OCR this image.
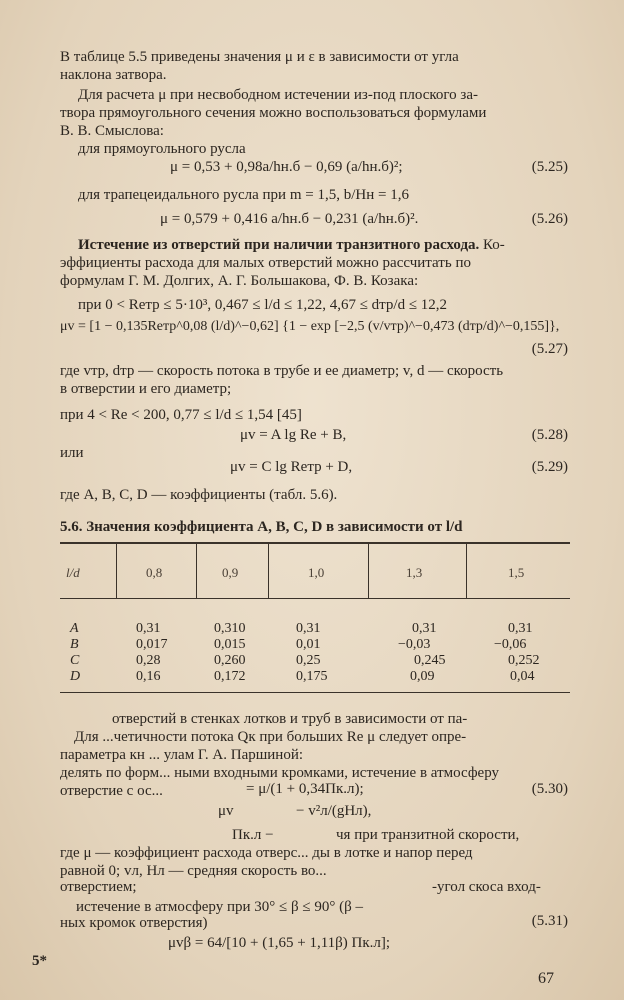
В таблице 5.5 приведены значения μ и ε в зависимости от угла
наклона затвора.
Для расчета μ при несвободном истечении из-под плоского за-
твора прямоугольного сечения можно воспользоваться формулами
В. В. Смыслова:
для прямоугольного русла
μ = 0,53 + 0,98a/hн.б − 0,69 (a/hн.б)²;	(5.25)
для трапецеидального русла при m = 1,5, b/Hн = 1,6
μ = 0,579 + 0,416 a/hн.б − 0,231 (a/hн.б)².	(5.26)
Истечение из отверстий при наличии транзитного расхода. Ко-
эффициенты расхода для малых отверстий можно рассчитать по
формулам Г. М. Долгих, А. Г. Большакова, Ф. В. Козака:
при 0 < Reтр ≤ 5·10³, 0,467 ≤ l/d ≤ 1,22, 4,67 ≤ dтр/d ≤ 12,2
μv = [1 − 0,135Reтр^0,08 (l/d)^−0,62] {1 − exp [−2,5 (v/vтр)^−0,473 (dтр/d)^−0,155]},
(5.27)
где vтр, dтр — скорость потока в трубе и ее диаметр; v, d — скорость
в отверстии и его диаметр;
при 4 < Re < 200, 0,77 ≤ l/d ≤ 1,54 [45]
μv = A lg Re + B,	(5.28)
или
μv = C lg Reтр + D,	(5.29)
где A, B, C, D — коэффициенты (табл. 5.6).
5.6. Значения коэффициента A, B, C, D в зависимости от l/d
l/d	0,8	0,9	1,0	1,3	1,5
A	0,31	0,310	0,31	0,31	0,31
B	0,017	0,015	0,01	−0,03	−0,06
C	0,28	0,260	0,25	0,245	0,252
D	0,16	0,172	0,175	0,09	0,04
отверстий в стенках лотков и труб в зависимости от па-
Для ...четичности потока Qк при больших Re μ следует опре-
параметра кн ... улам Г. А. Паршиной:
делять по форм... ными входными кромками, истечение в атмосферу
отверстие с ос...	= μ/(1 + 0,34Пк.л);	(5.30)
μv	− v²л/(gHл),
Пк.л −	чя при транзитной скорости,
где μ — коэффициент расхода отверс... ды в лотке и напор перед
равной 0; vл, Hл — средняя скорость во...
отверстием;	-угол скоса вход-
истечение в атмосферу при 30° ≤ β ≤ 90° (β –
ных кромок отверстия)	(5.31)
μvβ = 64/[10 + (1,65 + 1,11β) Пк.л];
5*
67
